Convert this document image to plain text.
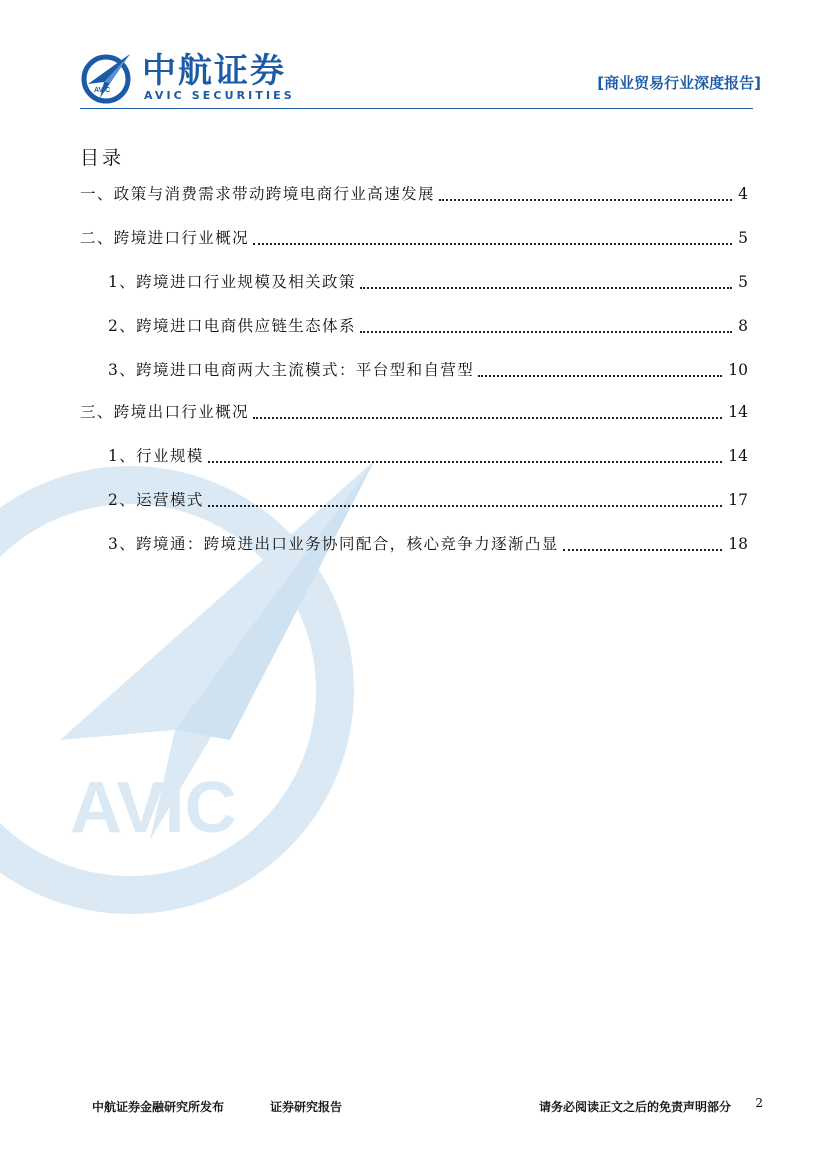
AVIC
AVIC 中航证券
AVIC SECURITIES
[商业贸易行业深度报告]
目录
一、政策与消费需求带动跨境电商行业高速发展	4
二、跨境进口行业概况	5
1、跨境进口行业规模及相关政策	5
2、跨境进口电商供应链生态体系	8
3、跨境进口电商两大主流模式：平台型和自营型	10
三、跨境出口行业概况	14
1、行业规模	14
2、运营模式	17
3、跨境通：跨境进出口业务协同配合，核心竞争力逐渐凸显	18
中航证券金融研究所发布	证券研究报告	请务必阅读正文之后的免责声明部分 2
